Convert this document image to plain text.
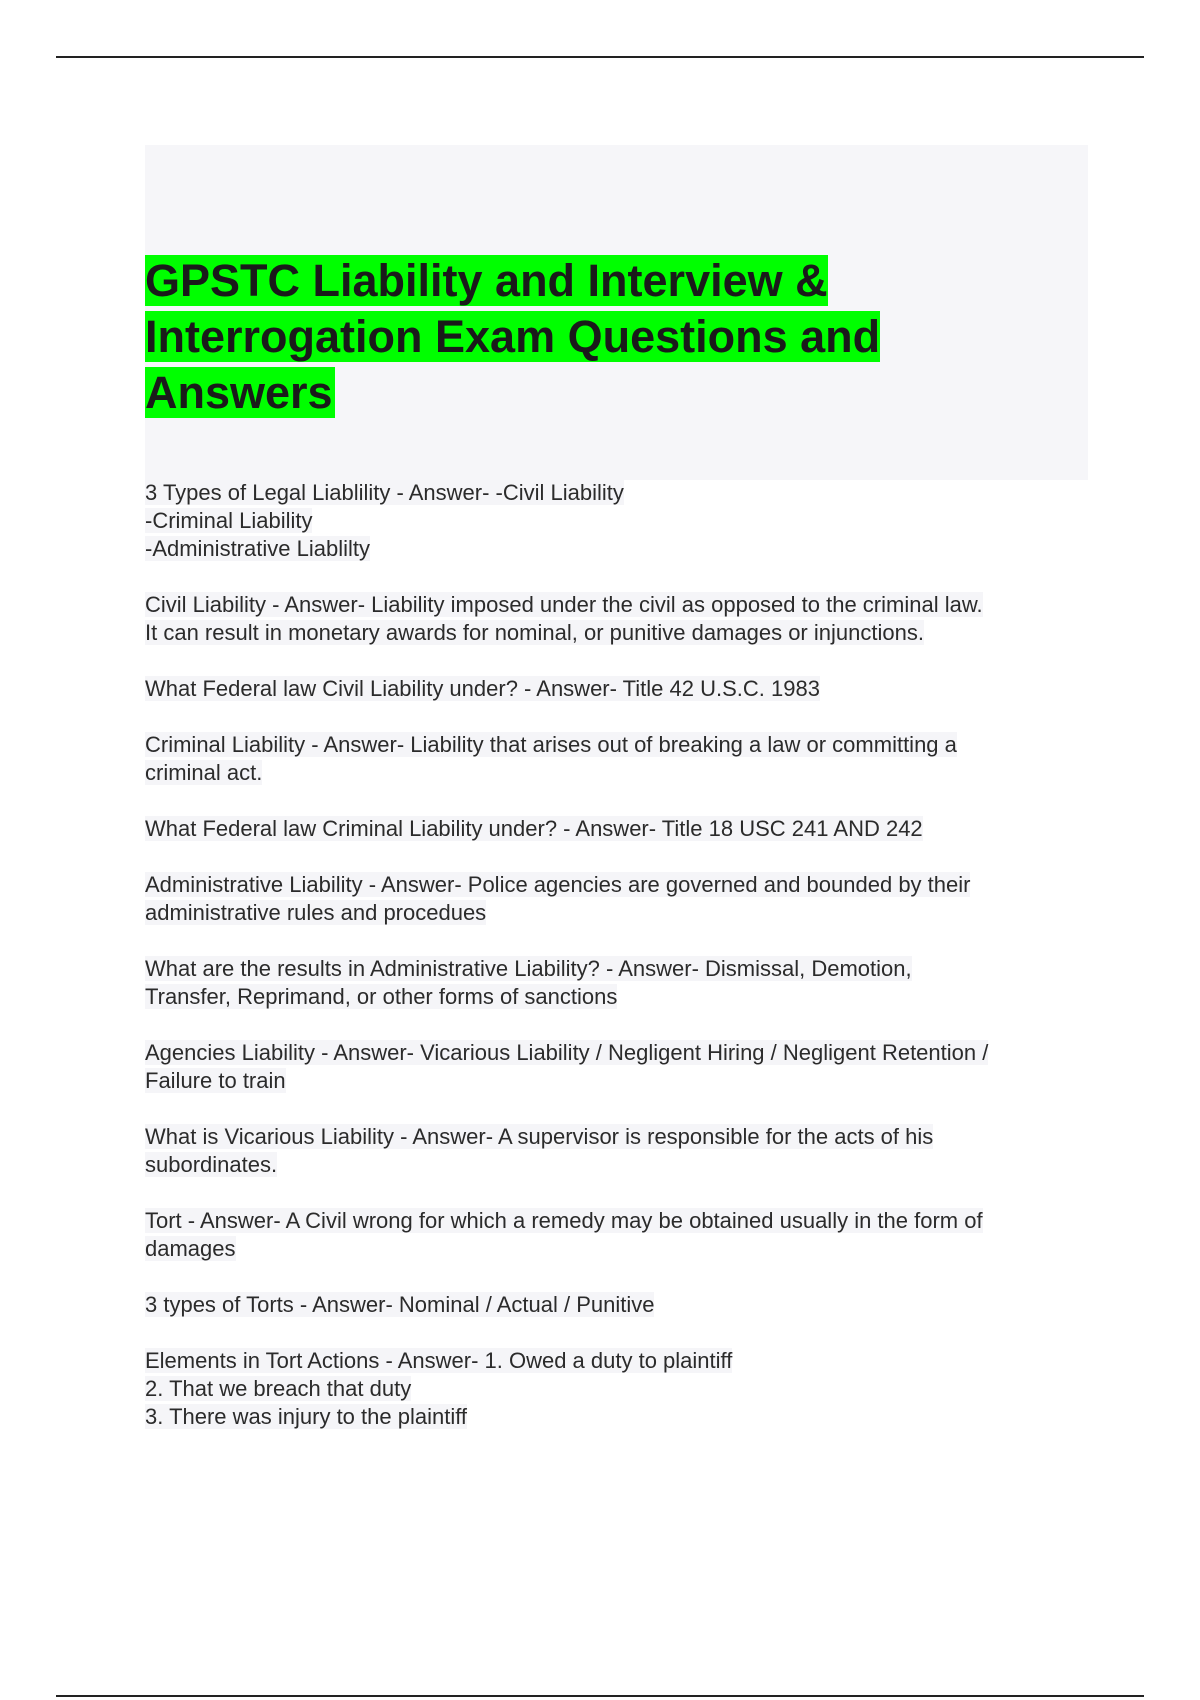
GPSTC Liability and Interview & Interrogation Exam Questions and Answers
3 Types of Legal Liablility - Answer- -Civil Liability
-Criminal Liability
-Administrative Liablilty
Civil Liability - Answer- Liability imposed under the civil as opposed to the criminal law.
It can result in monetary awards for nominal, or punitive damages or injunctions.
What Federal law Civil Liability under? - Answer- Title 42 U.S.C. 1983
Criminal Liability - Answer- Liability that arises out of breaking a law or committing a
criminal act.
What Federal law Criminal Liability under? - Answer- Title 18 USC 241 AND 242
Administrative Liability - Answer- Police agencies are governed and bounded by their
administrative rules and procedues
What are the results in Administrative Liability? - Answer- Dismissal, Demotion,
Transfer, Reprimand, or other forms of sanctions
Agencies Liability - Answer- Vicarious Liability / Negligent Hiring / Negligent Retention /
Failure to train
What is Vicarious Liability - Answer- A supervisor is responsible for the acts of his
subordinates.
Tort - Answer- A Civil wrong for which a remedy may be obtained usually in the form of
damages
3 types of Torts - Answer- Nominal / Actual / Punitive
Elements in Tort Actions - Answer- 1. Owed a duty to plaintiff
2. That we breach that duty
3. There was injury to the plaintiff
